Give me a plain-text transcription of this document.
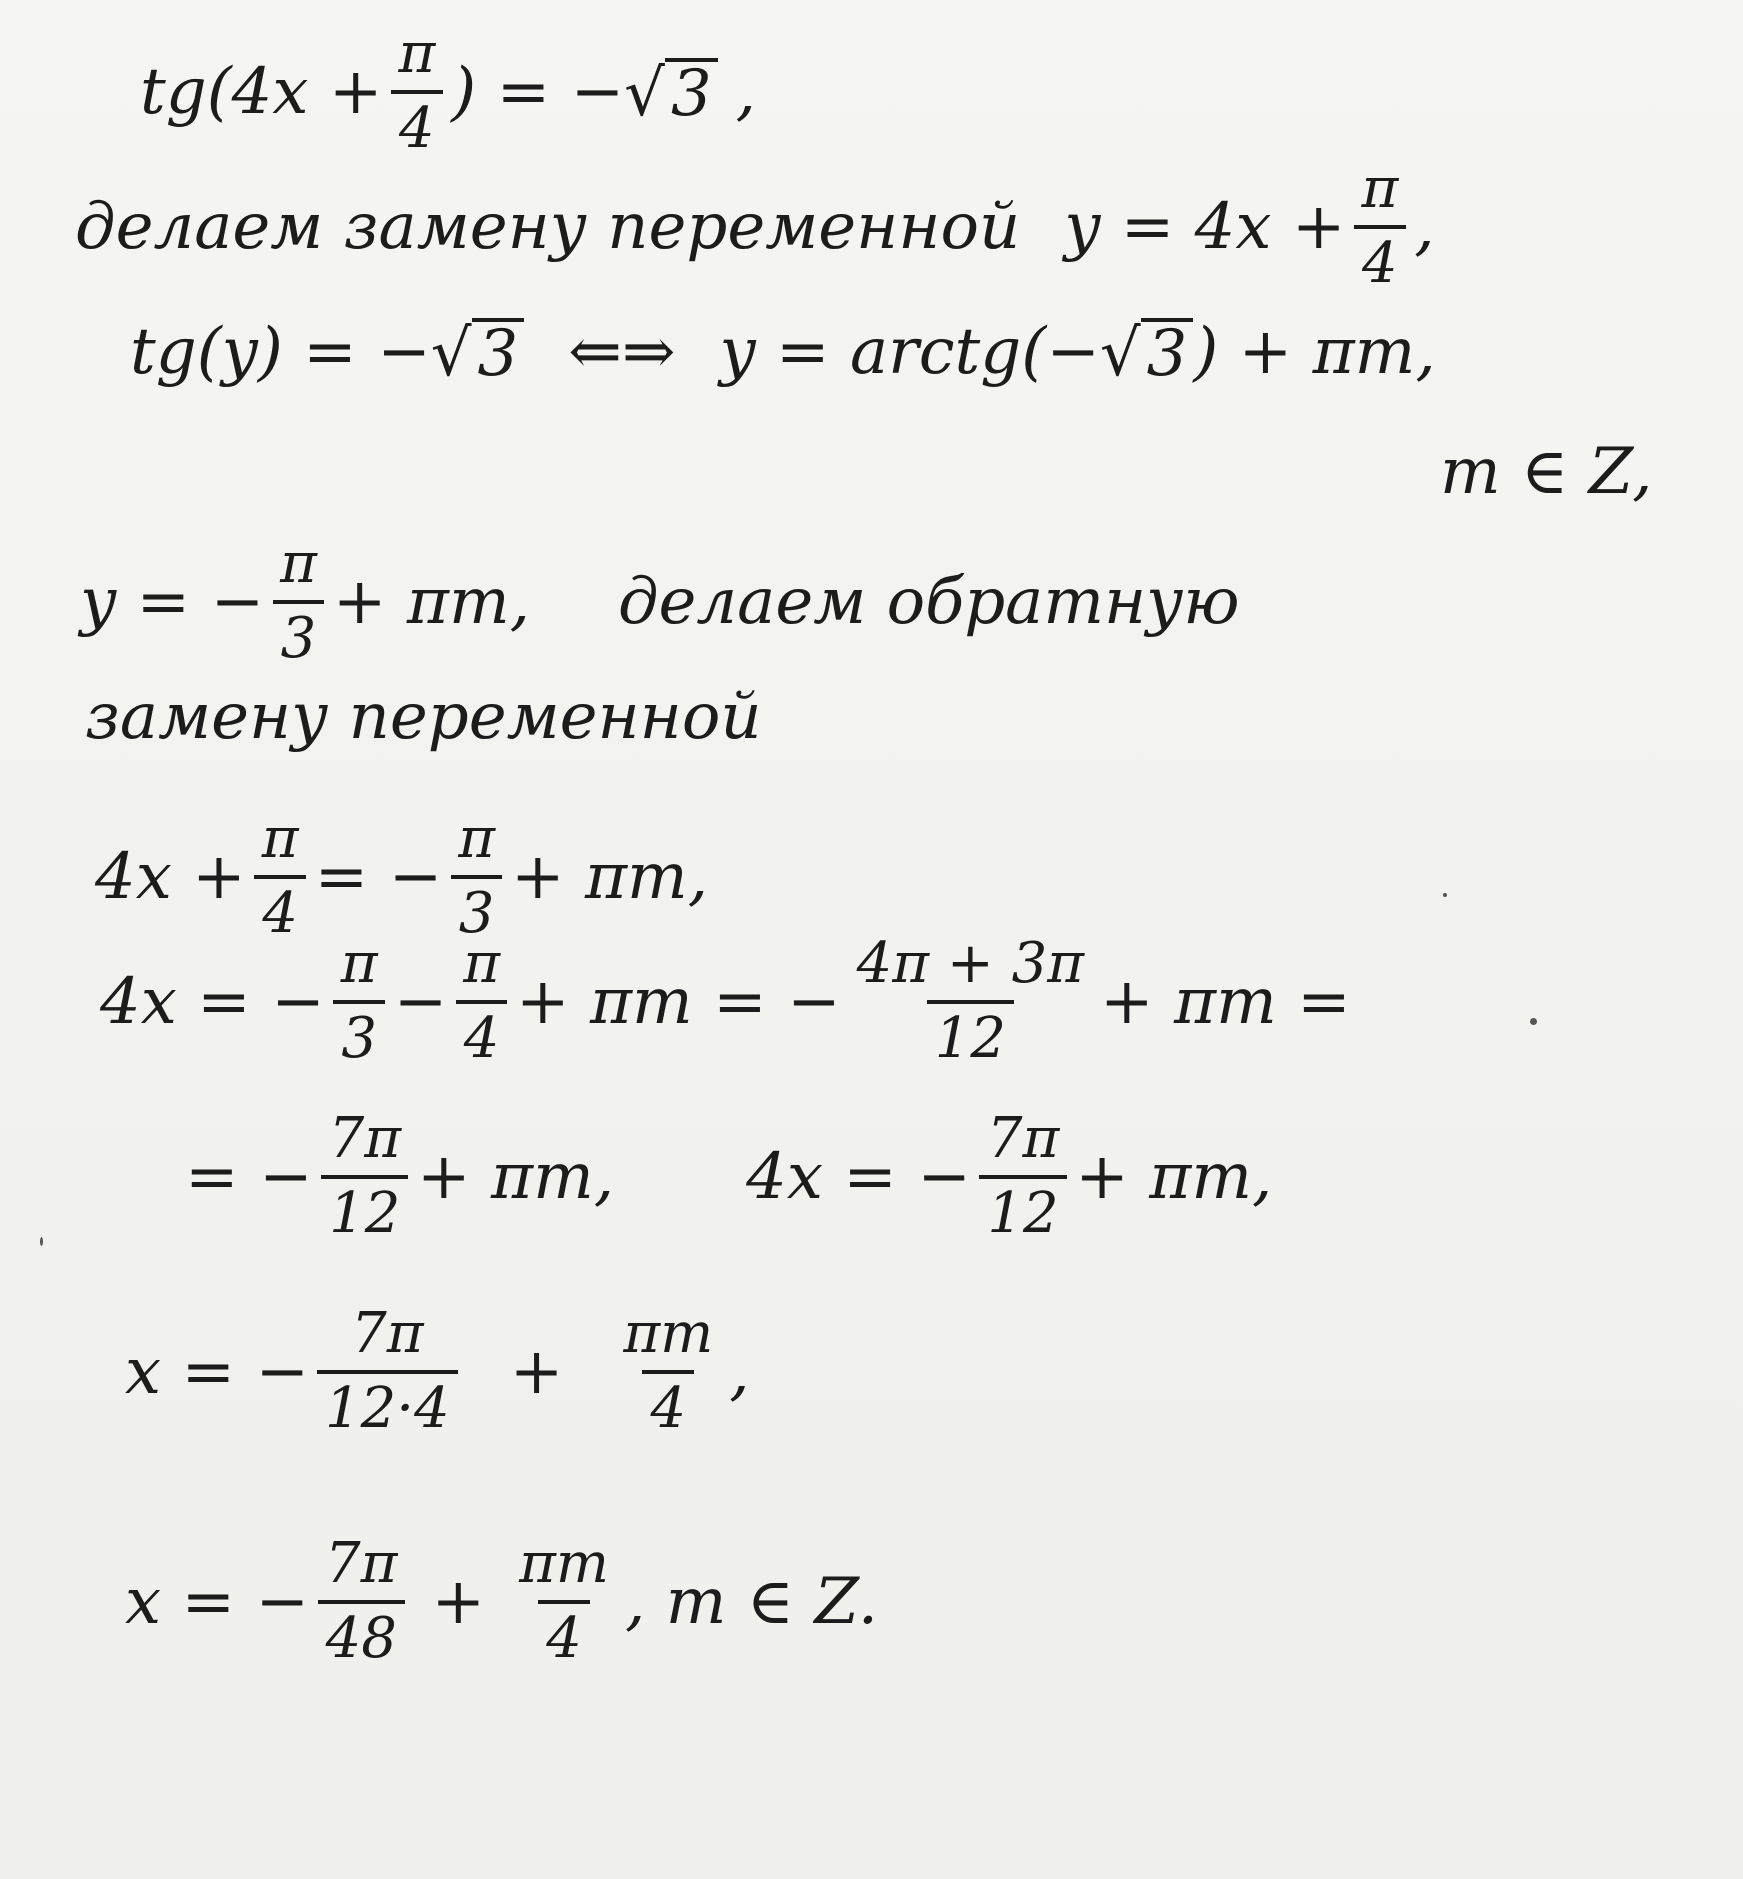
$tg(4x + \frac{\pi}{4}$ ) = − √ 3 ,
делаем замену переменной $y = 4x + \frac{\pi}{4}$ ,
tg(y) = − √ 3 ⇐⇒ y = arctg(− √ 3 ) + πm,
m ∈ Z,
y = − $\frac{\pi}{3} + \pi m$, делаем обратную
замену переменной
$4x + \frac{\pi}{4}$ = − $\frac{\pi}{3} + \pi m$,
4x = − $\frac{\pi}{3} - \frac{\pi}{4} + \pi m$ = − $\frac{4\pi + 3\pi}{12} + \pi m$ =
= − $\frac{7\pi}{12} + \pi m$, 4x = − $\frac{7\pi}{12} + \pi m$,
x = − $\frac{7\pi}{12\cdot 4} + \frac{\pi m}{4}$ ,
x = − $\frac{7\pi}{48} + \frac{\pi m}{4}$ , m ∈ Z.
